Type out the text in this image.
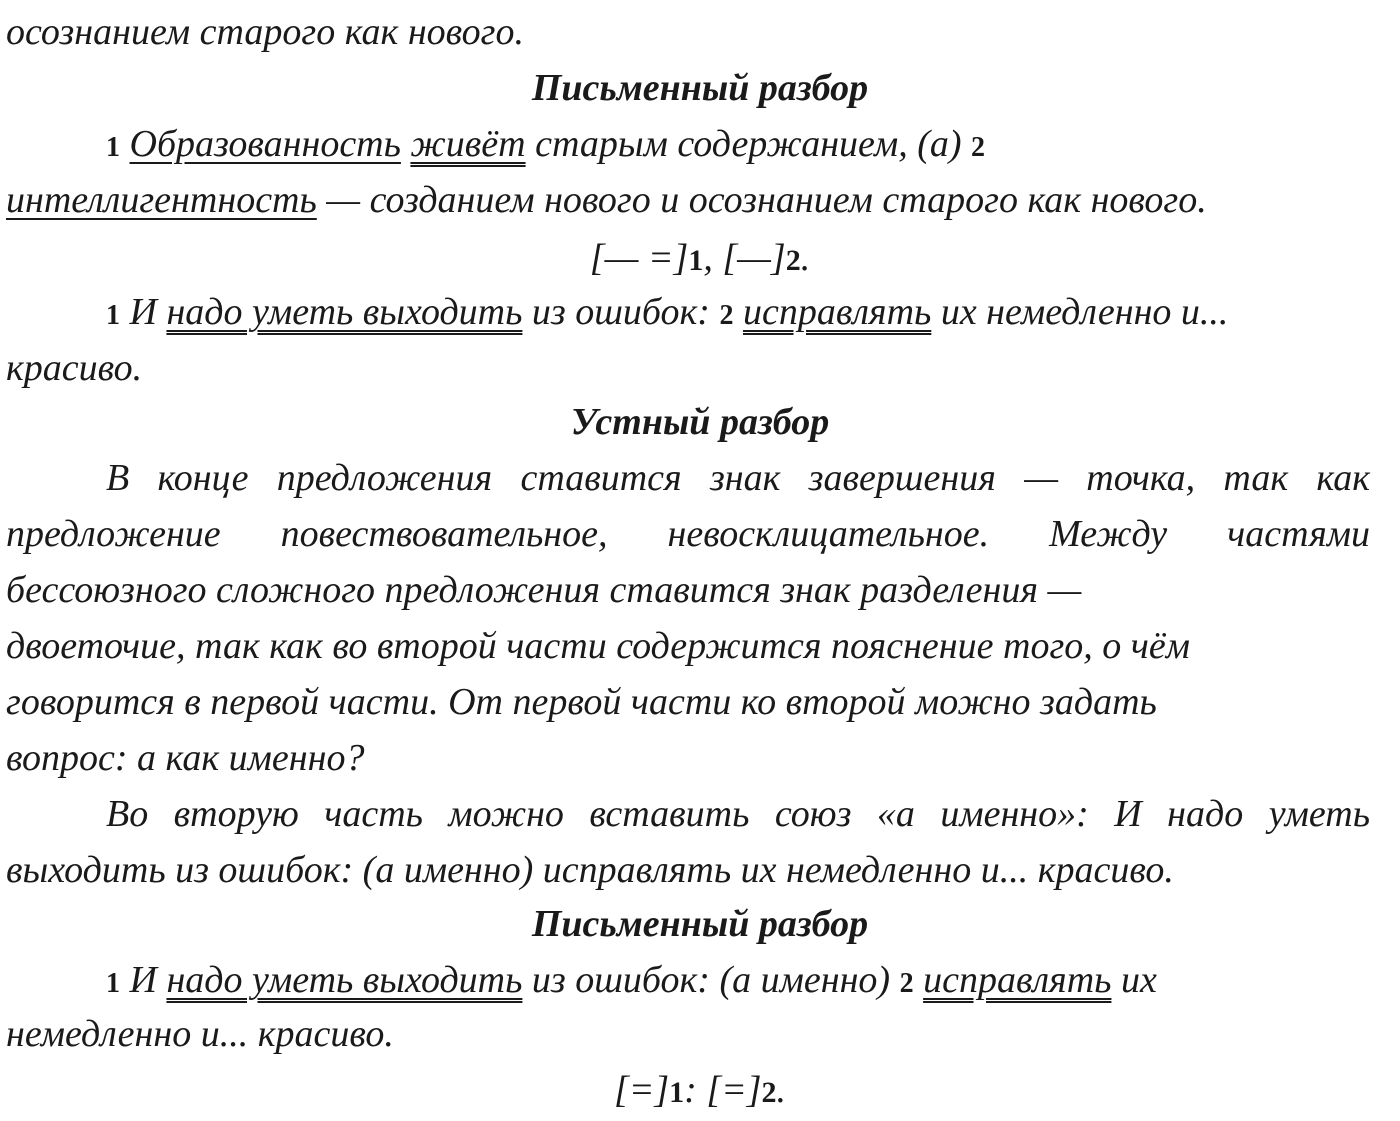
осознанием старого как нового.
Письменный разбор
1 Образованность живёт старым содержанием, (а) 2
интеллигентность — созданием нового и осознанием старого как нового.
[— =]1, [—]2.
1 И надо уметь выходить из ошибок: 2 исправлять их немедленно и...
красиво.
Устный разбор
В конце предложения ставится знак завершения — точка, так как
предложение повествовательное, невосклицательное. Между частями
бессоюзного сложного предложения ставится знак разделения —
двоеточие, так как во второй части содержится пояснение того, о чём
говорится в первой части. От первой части ко второй можно задать
вопрос: а как именно?
Во вторую часть можно вставить союз «а именно»: И надо уметь
выходить из ошибок: (а именно) исправлять их немедленно и... красиво.
Письменный разбор
1 И надо уметь выходить из ошибок: (а именно) 2 исправлять их
немедленно и... красиво.
[=]1: [=]2.
